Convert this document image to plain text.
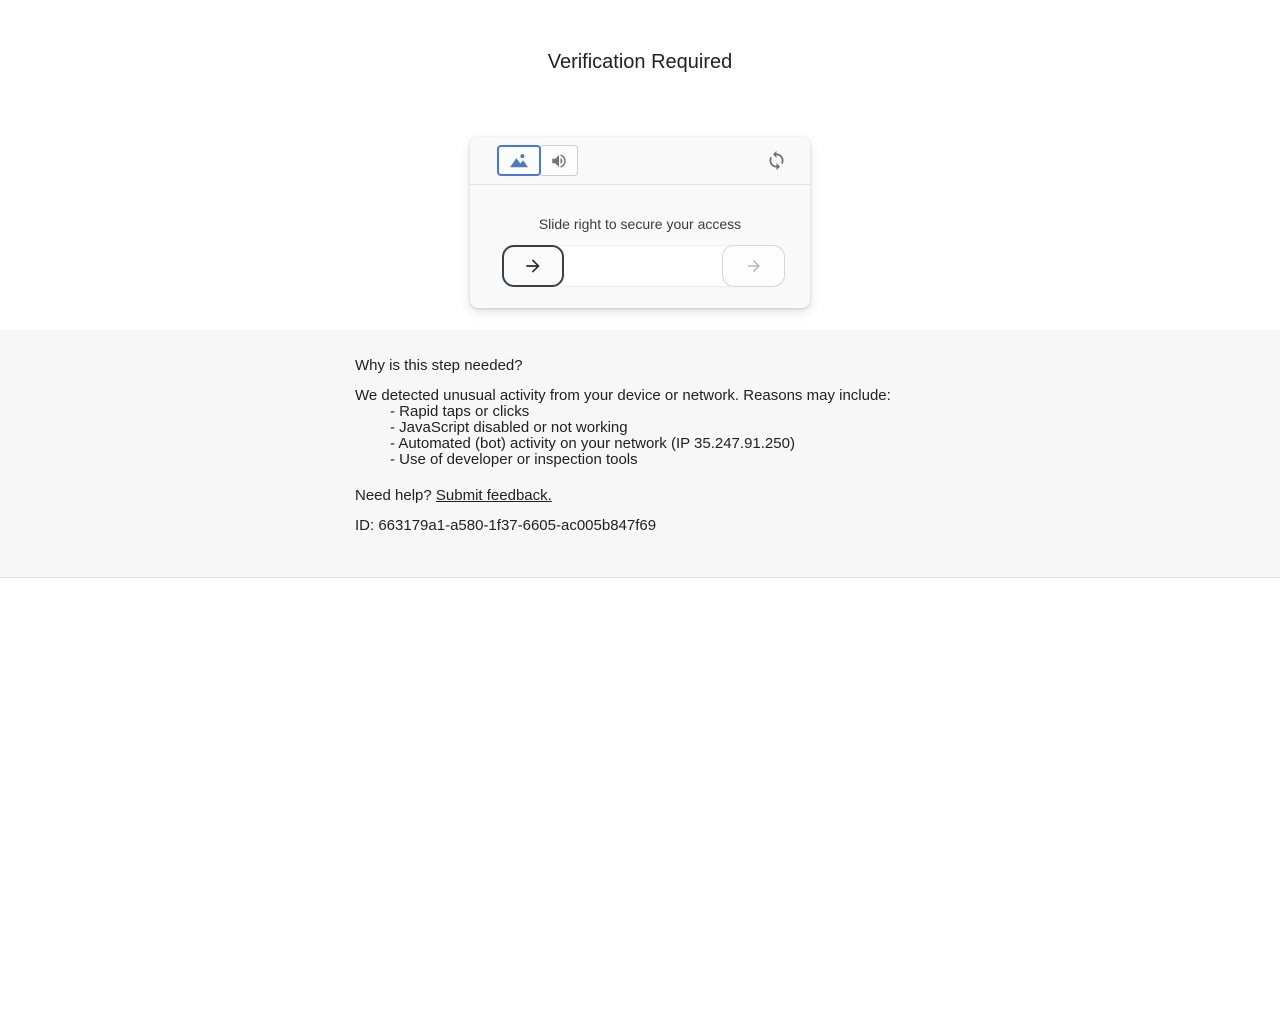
Verification Required
Slide right to secure your access

Why is this step needed?

We detected unusual activity from your device or network. Reasons may include:

- Rapid taps or clicks
- JavaScript disabled or not working
- Automated (bot) activity on your network (IP 35.247.91.250)
- Use of developer or inspection tools

Need help? Submit feedback.

ID: 663179a1-a580-1f37-6605-ac005b847f69
